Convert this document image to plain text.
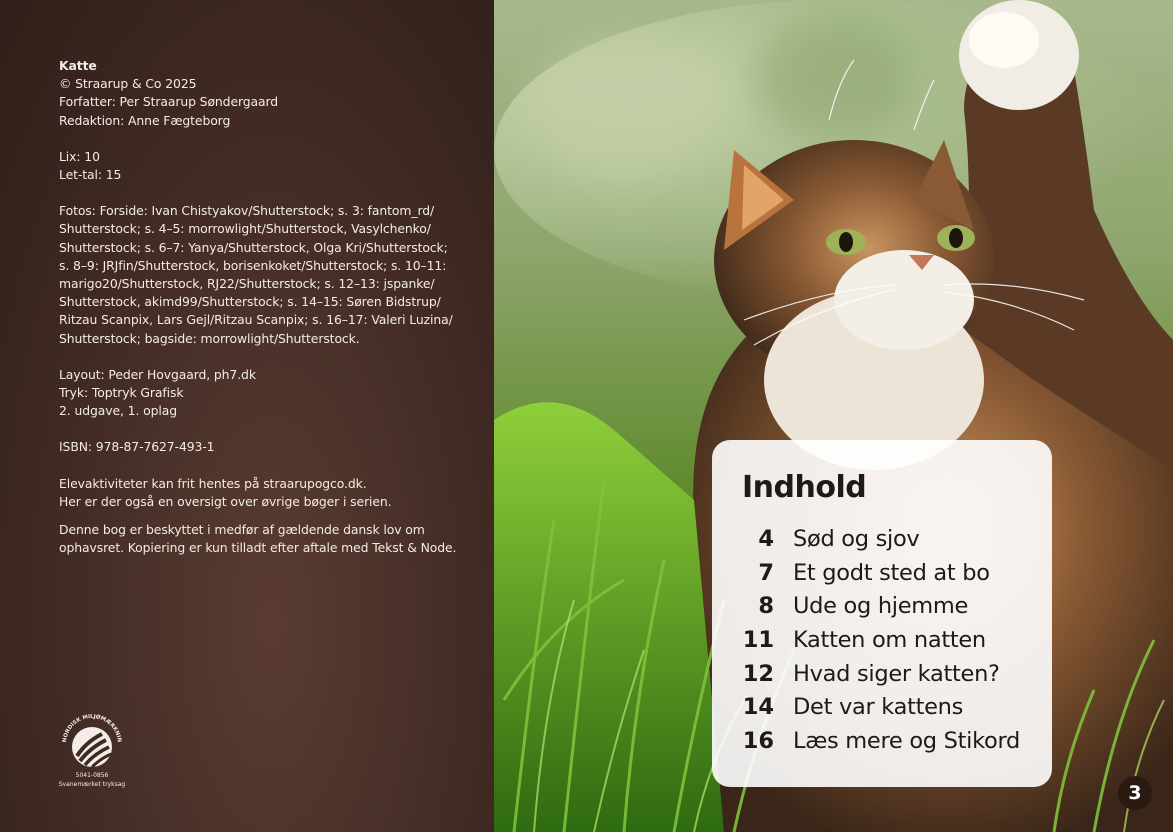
Katte
© Straarup & Co 2025
Forfatter: Per Straarup Søndergaard
Redaktion: Anne Fægteborg
Lix: 10
Let-tal: 15
Fotos: Forside: Ivan Chistyakov/Shutterstock; s. 3: fantom_rd/
Shutterstock; s. 4–5: morrowlight/Shutterstock, Vasylchenko/
Shutterstock; s. 6–7: Yanya/Shutterstock, Olga Kri/Shutterstock;
s. 8–9: JRJfin/Shutterstock, borisenkoket/Shutterstock; s. 10–11:
marigo20/Shutterstock, RJ22/Shutterstock; s. 12–13: jspanke/
Shutterstock, akimd99/Shutterstock; s. 14–15: Søren Bidstrup/
Ritzau Scanpix, Lars Gejl/Ritzau Scanpix; s. 16–17: Valeri Luzina/
Shutterstock; bagside: morrowlight/Shutterstock.
Layout: Peder Hovgaard, ph7.dk
Tryk: Toptryk Grafisk
2. udgave, 1. oplag
ISBN: 978-87-7627-493-1
Elevaktiviteter kan frit hentes på straarupogco.dk.
Her er der også en oversigt over øvrige bøger i serien.
Denne bog er beskyttet i medfør af gældende dansk lov om
ophavsret. Kopiering er kun tilladt efter aftale med Tekst & Node.
NORDISK MILJØMÆRKNIN
5041-0856
Svanemærket tryksag
Indhold
4 Sød og sjov
7 Et godt sted at bo
8 Ude og hjemme
11 Katten om natten
12 Hvad siger katten?
14 Det var kattens
16 Læs mere og Stikord
3
